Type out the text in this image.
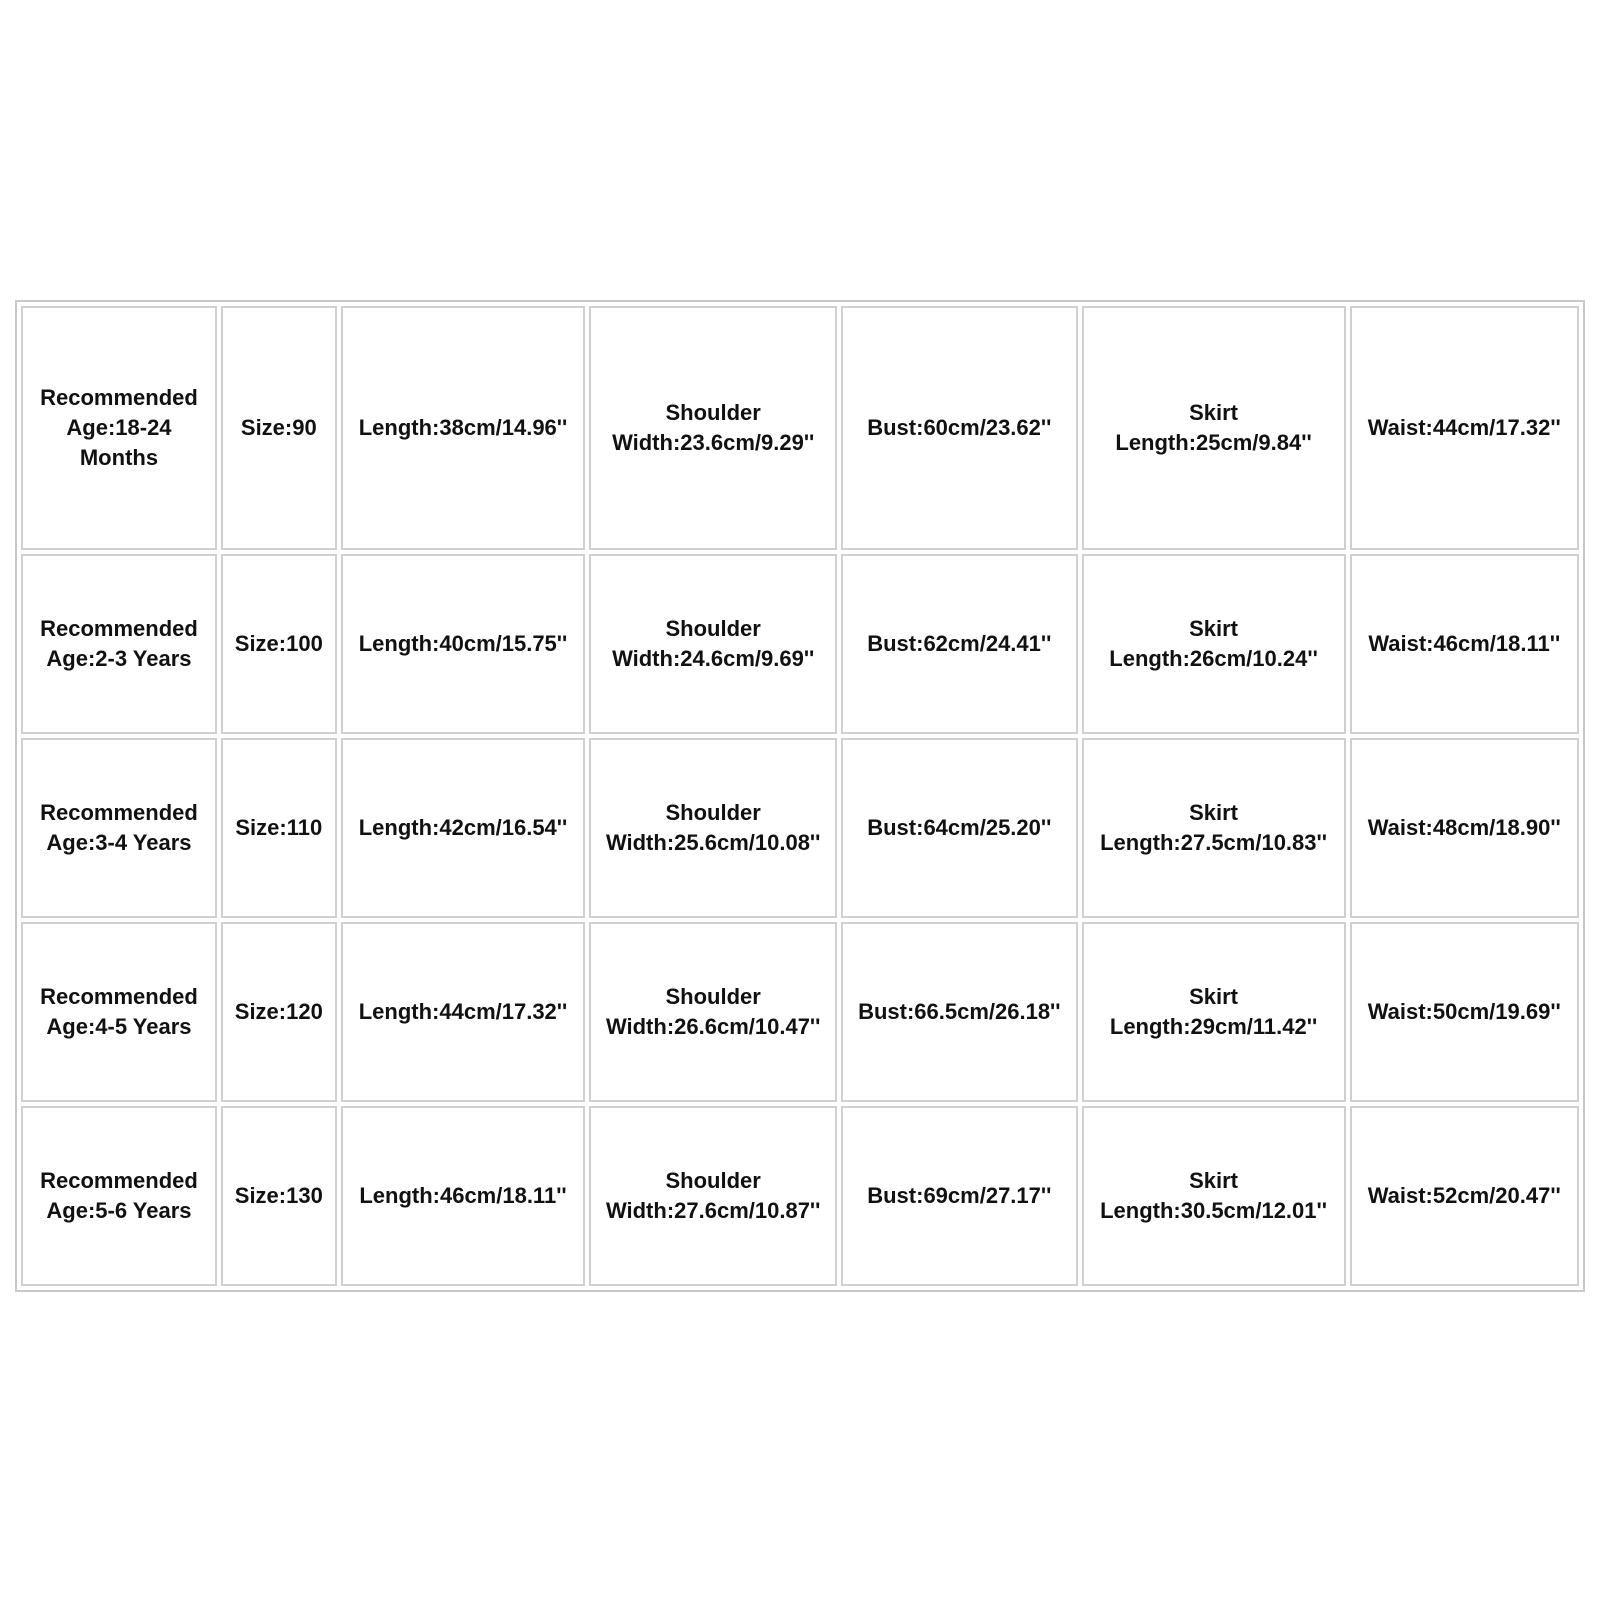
Recommended
Age:18-24
Months	Size:90	Length:38cm/14.96''	Shoulder
Width:23.6cm/9.29''	Bust:60cm/23.62''	Skirt
Length:25cm/9.84''	Waist:44cm/17.32''

Recommended
Age:2-3 Years	Size:100	Length:40cm/15.75''	Shoulder
Width:24.6cm/9.69''	Bust:62cm/24.41''	Skirt
Length:26cm/10.24''	Waist:46cm/18.11''

Recommended
Age:3-4 Years	Size:110	Length:42cm/16.54''	Shoulder
Width:25.6cm/10.08''	Bust:64cm/25.20''	Skirt
Length:27.5cm/10.83''	Waist:48cm/18.90''

Recommended
Age:4-5 Years	Size:120	Length:44cm/17.32''	Shoulder
Width:26.6cm/10.47''	Bust:66.5cm/26.18''	Skirt
Length:29cm/11.42''	Waist:50cm/19.69''

Recommended
Age:5-6 Years	Size:130	Length:46cm/18.11''	Shoulder
Width:27.6cm/10.87''	Bust:69cm/27.17''	Skirt
Length:30.5cm/12.01''	Waist:52cm/20.47''
